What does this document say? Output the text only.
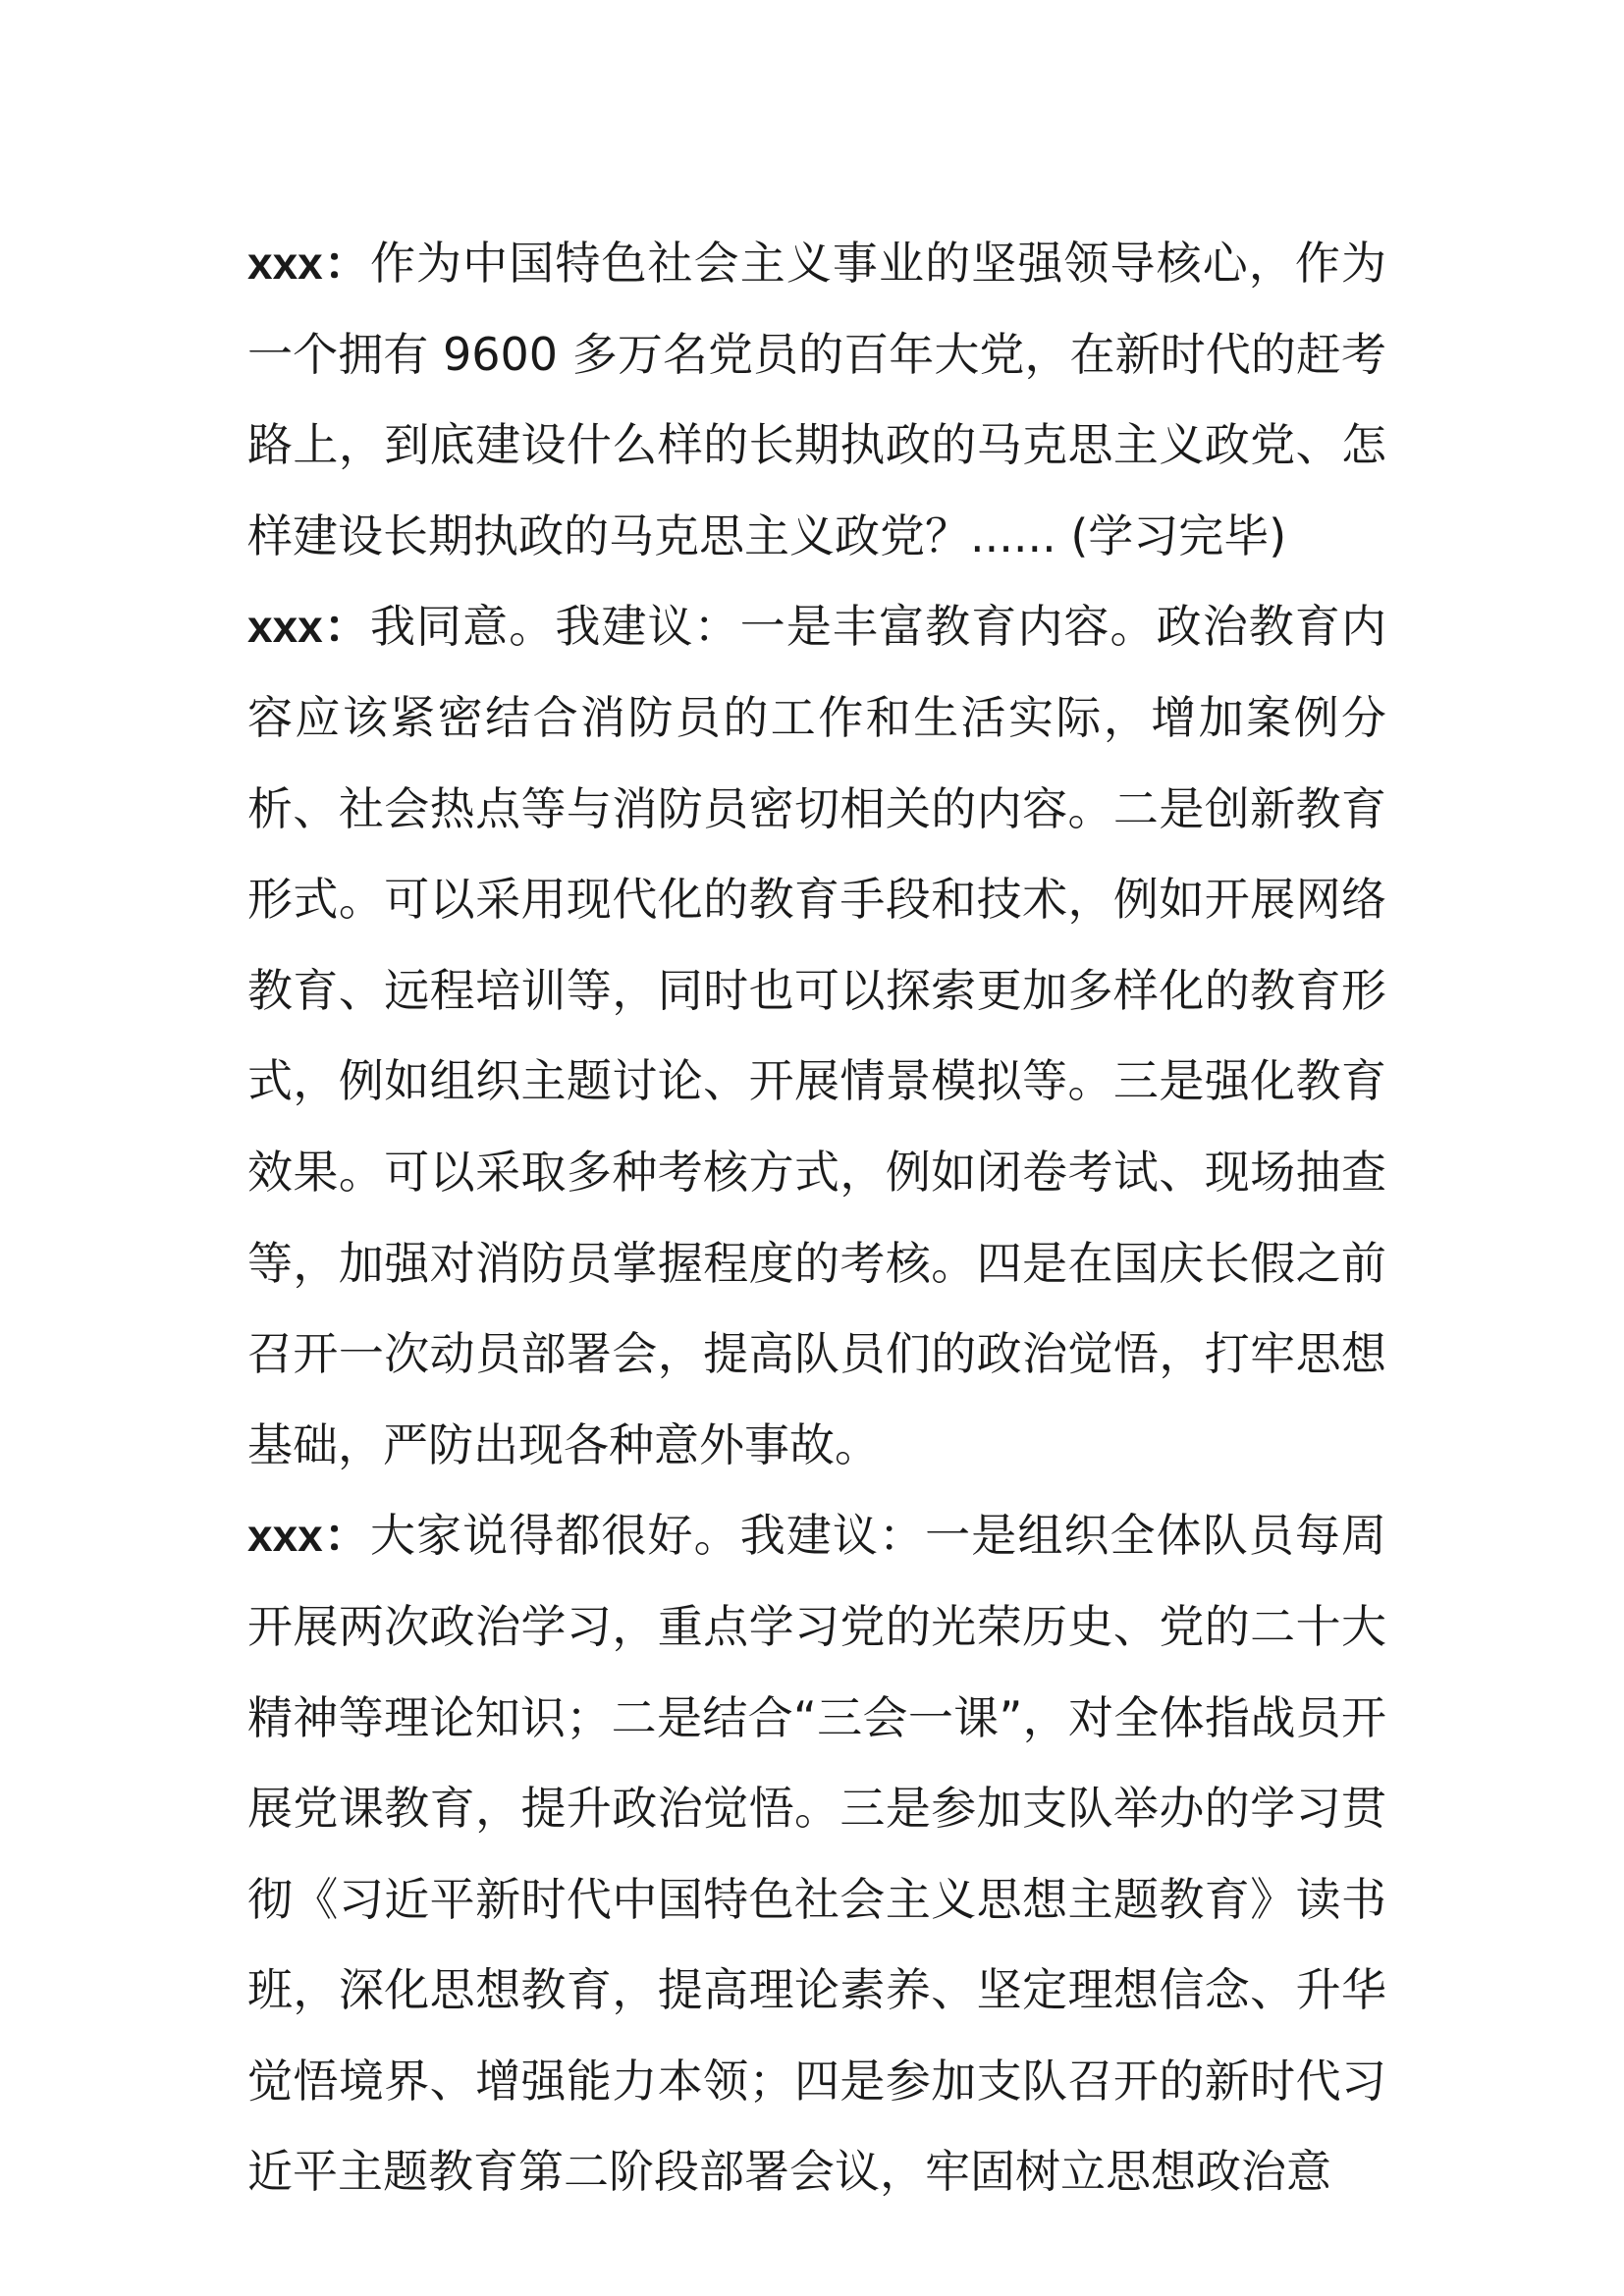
xxx：作为中国特色社会主义事业的坚强领导核心，作为一个拥有 9600 多万名党员的百年大党，在新时代的赶考路上，到底建设什么样的长期执政的马克思主义政党、怎样建设长期执政的马克思主义政党？...... (学习完毕)

xxx：我同意。我建议：一是丰富教育内容。政治教育内容应该紧密结合消防员的工作和生活实际，增加案例分析、社会热点等与消防员密切相关的内容。二是创新教育形式。可以采用现代化的教育手段和技术，例如开展网络教育、远程培训等，同时也可以探索更加多样化的教育形式，例如组织主题讨论、开展情景模拟等。三是强化教育效果。可以采取多种考核方式，例如闭卷考试、现场抽查等，加强对消防员掌握程度的考核。四是在国庆长假之前召开一次动员部署会，提高队员们的政治觉悟，打牢思想基础，严防出现各种意外事故。

xxx：大家说得都很好。我建议：一是组织全体队员每周开展两次政治学习，重点学习党的光荣历史、党的二十大精神等理论知识；二是结合“三会一课”，对全体指战员开展党课教育，提升政治觉悟。三是参加支队举办的学习贯彻《习近平新时代中国特色社会主义思想主题教育》读书班，深化思想教育，提高理论素养、坚定理想信念、升华觉悟境界、增强能力本领；四是参加支队召开的新时代习近平主题教育第二阶段部署会议，牢固树立思想政治意
